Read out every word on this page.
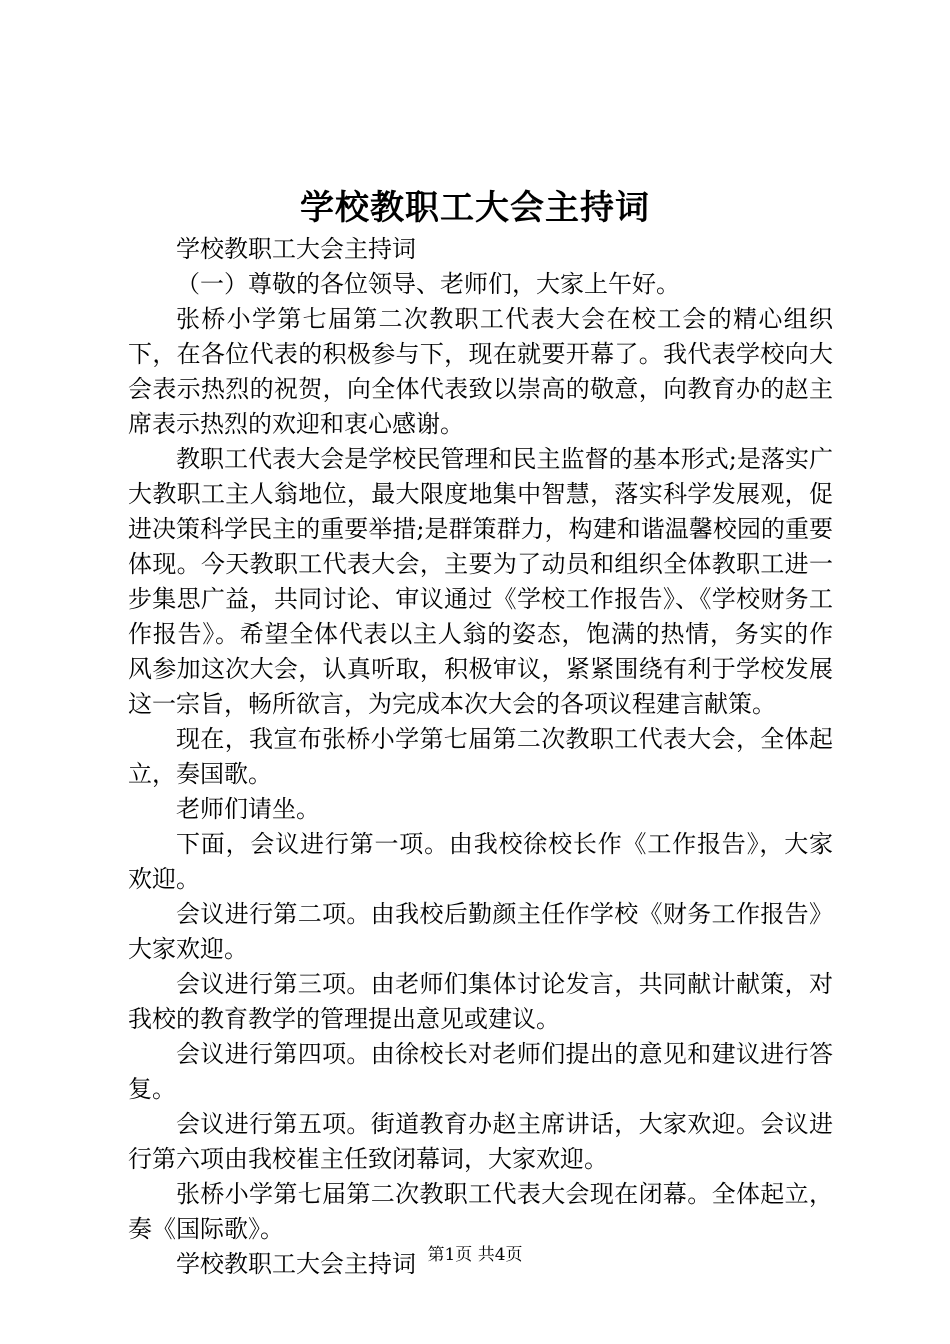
学校教职工大会主持词

学校教职工大会主持词

（一）尊敬的各位领导、老师们，大家上午好。

张桥小学第七届第二次教职工代表大会在校工会的精心组织下，在各位代表的积极参与下，现在就要开幕了。我代表学校向大会表示热烈的祝贺，向全体代表致以崇高的敬意，向教育办的赵主席表示热烈的欢迎和衷心感谢。

教职工代表大会是学校民管理和民主监督的基本形式;是落实广大教职工主人翁地位，最大限度地集中智慧，落实科学发展观，促进决策科学民主的重要举措;是群策群力，构建和谐温馨校园的重要体现。今天教职工代表大会，主要为了动员和组织全体教职工进一步集思广益，共同讨论、审议通过《学校工作报告》、《学校财务工作报告》。希望全体代表以主人翁的姿态，饱满的热情，务实的作风参加这次大会，认真听取，积极审议，紧紧围绕有利于学校发展这一宗旨，畅所欲言，为完成本次大会的各项议程建言献策。

现在，我宣布张桥小学第七届第二次教职工代表大会，全体起立，奏国歌。

老师们请坐。

下面，会议进行第一项。由我校徐校长作《工作报告》，大家欢迎。

会议进行第二项。由我校后勤颜主任作学校《财务工作报告》大家欢迎。

会议进行第三项。由老师们集体讨论发言，共同献计献策，对我校的教育教学的管理提出意见或建议。

会议进行第四项。由徐校长对老师们提出的意见和建议进行答复。

会议进行第五项。街道教育办赵主席讲话，大家欢迎。会议进行第六项由我校崔主任致闭幕词，大家欢迎。

张桥小学第七届第二次教职工代表大会现在闭幕。全体起立，奏《国际歌》。

学校教职工大会主持词 第1页 共4页
